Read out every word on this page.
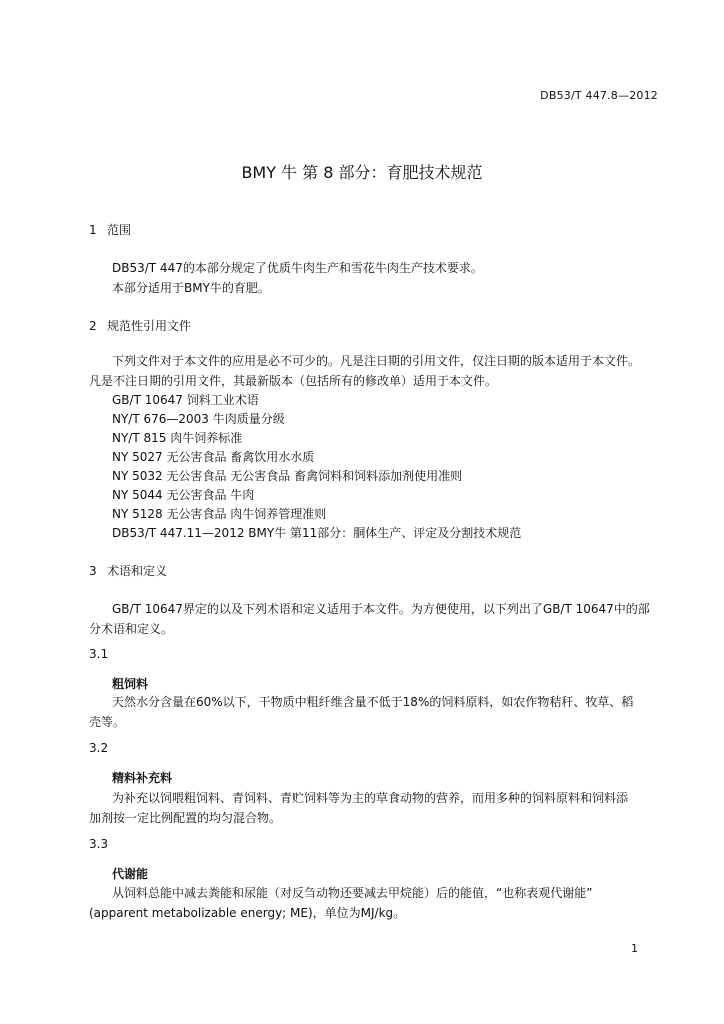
DB53/T 447.8—2012
BMY 牛 第 8 部分：育肥技术规范
1 范围
DB53/T 447的本部分规定了优质牛肉生产和雪花牛肉生产技术要求。
本部分适用于BMY牛的育肥。
2 规范性引用文件
下列文件对于本文件的应用是必不可少的。凡是注日期的引用文件，仅注日期的版本适用于本文件。
凡是不注日期的引用文件，其最新版本（包括所有的修改单）适用于本文件。
GB/T 10647 饲料工业术语
NY/T 676—2003 牛肉质量分级
NY/T 815 肉牛饲养标准
NY 5027 无公害食品 畜禽饮用水水质
NY 5032 无公害食品 无公害食品 畜禽饲料和饲料添加剂使用准则
NY 5044 无公害食品 牛肉
NY 5128 无公害食品 肉牛饲养管理准则
DB53/T 447.11—2012 BMY牛 第11部分：胴体生产、评定及分割技术规范
3 术语和定义
GB/T 10647界定的以及下列术语和定义适用于本文件。为方便使用，以下列出了GB/T 10647中的部
分术语和定义。
3.1
粗饲料
天然水分含量在60%以下，干物质中粗纤维含量不低于18%的饲料原料，如农作物秸秆、牧草、稻
壳等。
3.2
精料补充料
为补充以饲喂粗饲料、青饲料、青贮饲料等为主的草食动物的营养，而用多种的饲料原料和饲料添
加剂按一定比例配置的均匀混合物。
3.3
代谢能
从饲料总能中减去粪能和尿能（对反刍动物还要减去甲烷能）后的能值，“也称表观代谢能”
(apparent metabolizable energy; ME)，单位为MJ/kg。
1
